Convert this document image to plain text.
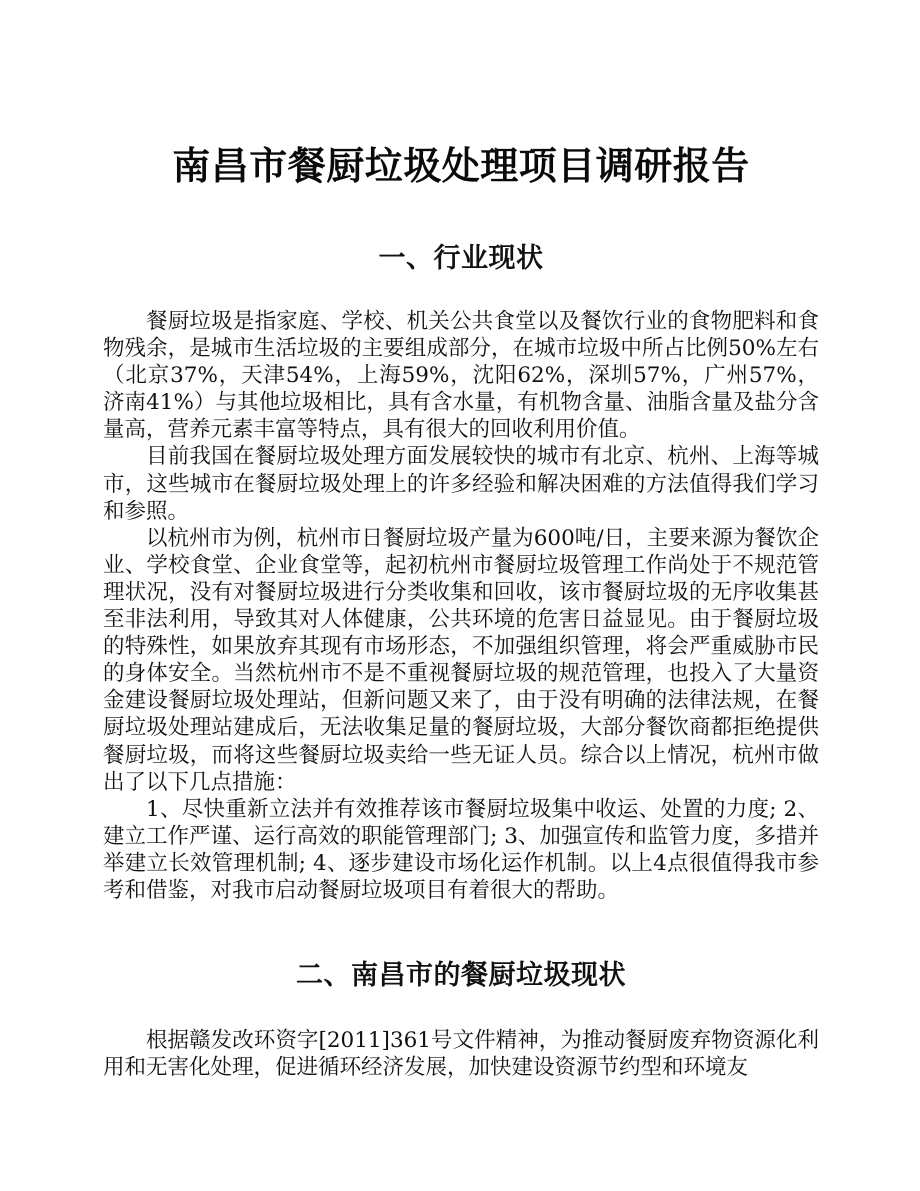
南昌市餐厨垃圾处理项目调研报告
一、行业现状

餐厨垃圾是指家庭、学校、机关公共食堂以及餐饮行业的食物肥料和食物残余，是城市生活垃圾的主要组成部分，在城市垃圾中所占比例50%左右（北京37%，天津54%，上海59%，沈阳62%，深圳57%，广州57%，济南41%）与其他垃圾相比，具有含水量，有机物含量、油脂含量及盐分含量高，营养元素丰富等特点，具有很大的回收利用价值。

目前我国在餐厨垃圾处理方面发展较快的城市有北京、杭州、上海等城市，这些城市在餐厨垃圾处理上的许多经验和解决困难的方法值得我们学习和参照。

以杭州市为例，杭州市日餐厨垃圾产量为600吨/日，主要来源为餐饮企业、学校食堂、企业食堂等，起初杭州市餐厨垃圾管理工作尚处于不规范管理状况，没有对餐厨垃圾进行分类收集和回收，该市餐厨垃圾的无序收集甚至非法利用，导致其对人体健康，公共环境的危害日益显见。由于餐厨垃圾的特殊性，如果放弃其现有市场形态，不加强组织管理，将会严重威胁市民的身体安全。当然杭州市不是不重视餐厨垃圾的规范管理，也投入了大量资金建设餐厨垃圾处理站，但新问题又来了，由于没有明确的法律法规，在餐厨垃圾处理站建成后，无法收集足量的餐厨垃圾，大部分餐饮商都拒绝提供餐厨垃圾，而将这些餐厨垃圾卖给一些无证人员。综合以上情况，杭州市做出了以下几点措施：

1、尽快重新立法并有效推荐该市餐厨垃圾集中收运、处置的力度; 2、建立工作严谨、运行高效的职能管理部门; 3、加强宣传和监管力度，多措并举建立长效管理机制; 4、逐步建设市场化运作机制。以上4点很值得我市参考和借鉴，对我市启动餐厨垃圾项目有着很大的帮助。

二、南昌市的餐厨垃圾现状

根据赣发改环资字[2011]361号文件精神，为推动餐厨废弃物资源化利用和无害化处理，促进循环经济发展，加快建设资源节约型和环境友
